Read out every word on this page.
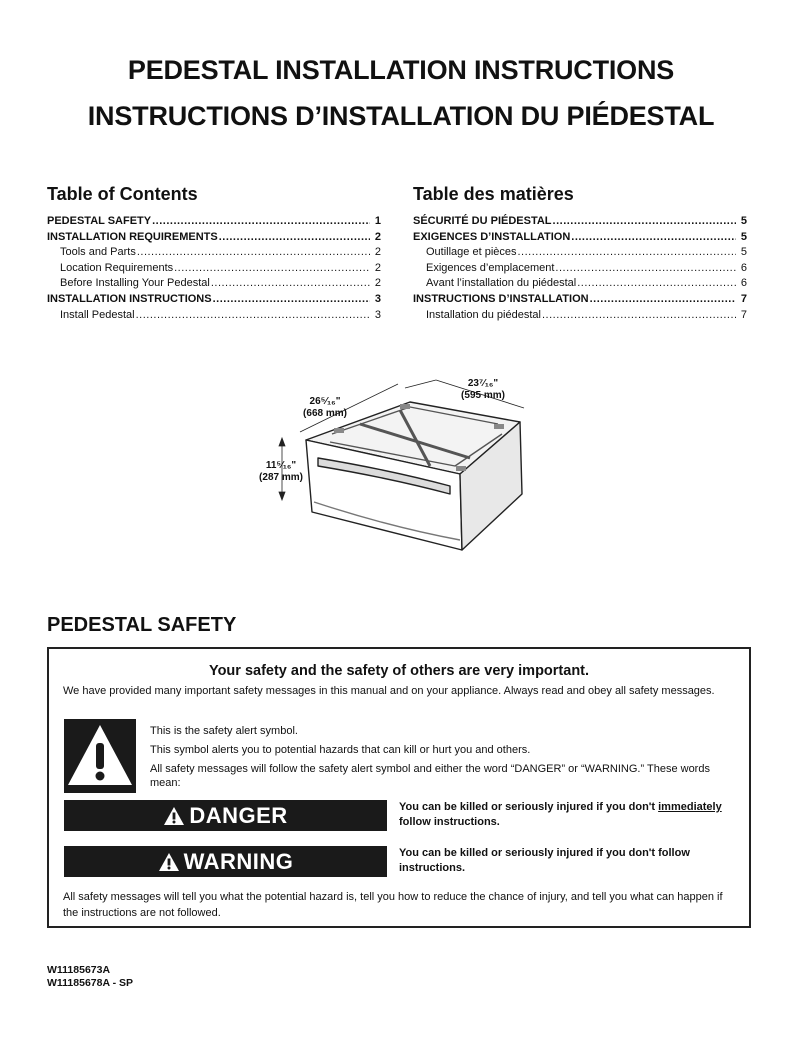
PEDESTAL INSTALLATION INSTRUCTIONS
INSTRUCTIONS D’INSTALLATION DU PIÉDESTAL
Table of Contents
PEDESTAL SAFETY .....	1
INSTALLATION REQUIREMENTS .....	2
Tools and Parts .....	2
Location Requirements .....	2
Before Installing Your Pedestal .....	2
INSTALLATION INSTRUCTIONS .....	3
Install Pedestal .....	3
Table des matières
SÉCURITÉ DU PIÉDESTAL .....	5
EXIGENCES D’INSTALLATION .....	5
Outillage et pièces .....	5
Exigences d’emplacement .....	6
Avant l’installation du piédestal .....	6
INSTRUCTIONS D’INSTALLATION .....	7
Installation du piédestal .....	7
26⁵⁄₁₆"
(668 mm)
23⁷⁄₁₆"
(595 mm)
11⁵⁄₁₆"
(287 mm)
PEDESTAL SAFETY
Your safety and the safety of others are very important.
We have provided many important safety messages in this manual and on your appliance. Always read and obey all safety messages.
This is the safety alert symbol.
This symbol alerts you to potential hazards that can kill or hurt you and others.
All safety messages will follow the safety alert symbol and either the word “DANGER” or “WARNING.” These words mean:
DANGER	You can be killed or seriously injured if you don't immediately follow instructions.
WARNING	You can be killed or seriously injured if you don't follow instructions.
All safety messages will tell you what the potential hazard is, tell you how to reduce the chance of injury, and tell you what can happen if the instructions are not followed.
W11185673A
W11185678A - SP
